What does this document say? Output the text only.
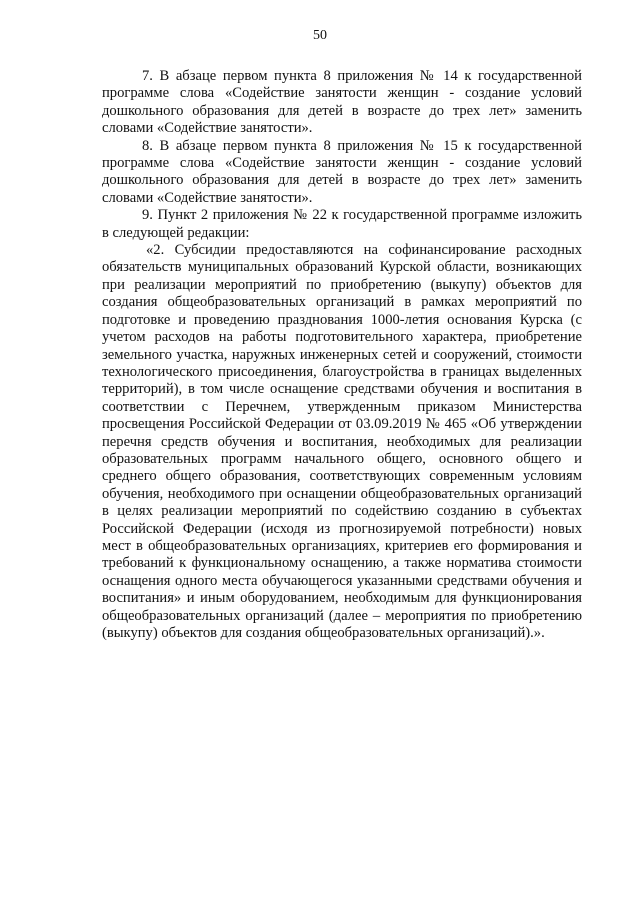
50

7. В абзаце первом пункта 8 приложения № 14 к государственной программе слова «Содействие занятости женщин - создание условий дошкольного образования для детей в возрасте до трех лет» заменить словами «Содействие занятости».

8. В абзаце первом пункта 8 приложения № 15 к государственной программе слова «Содействие занятости женщин - создание условий дошкольного образования для детей в возрасте до трех лет» заменить словами «Содействие занятости».

9. Пункт 2 приложения № 22 к государственной программе изложить в следующей редакции:

«2. Субсидии предоставляются на софинансирование расходных обязательств муниципальных образований Курской области, возникающих при реализации мероприятий по приобретению (выкупу) объектов для создания общеобразовательных организаций в рамках мероприятий по подготовке и проведению празднования 1000-летия основания Курска (с учетом расходов на работы подготовительного характера, приобретение земельного участка, наружных инженерных сетей и сооружений, стоимости технологического присоединения, благоустройства в границах выделенных территорий), в том числе оснащение средствами обучения и воспитания в соответствии с Перечнем, утвержденным приказом Министерства просвещения Российской Федерации от 03.09.2019 № 465 «Об утверждении перечня средств обучения и воспитания, необходимых для реализации образовательных программ начального общего, основного общего и среднего общего образования, соответствующих современным условиям обучения, необходимого при оснащении общеобразовательных организаций в целях реализации мероприятий по содействию созданию в субъектах Российской Федерации (исходя из прогнозируемой потребности) новых мест в общеобразовательных организациях, критериев его формирования и требований к функциональному оснащению, а также норматива стоимости оснащения одного места обучающегося указанными средствами обучения и воспитания» и иным оборудованием, необходимым для функционирования общеобразовательных организаций (далее – мероприятия по приобретению (выкупу) объектов для создания общеобразовательных организаций).».
